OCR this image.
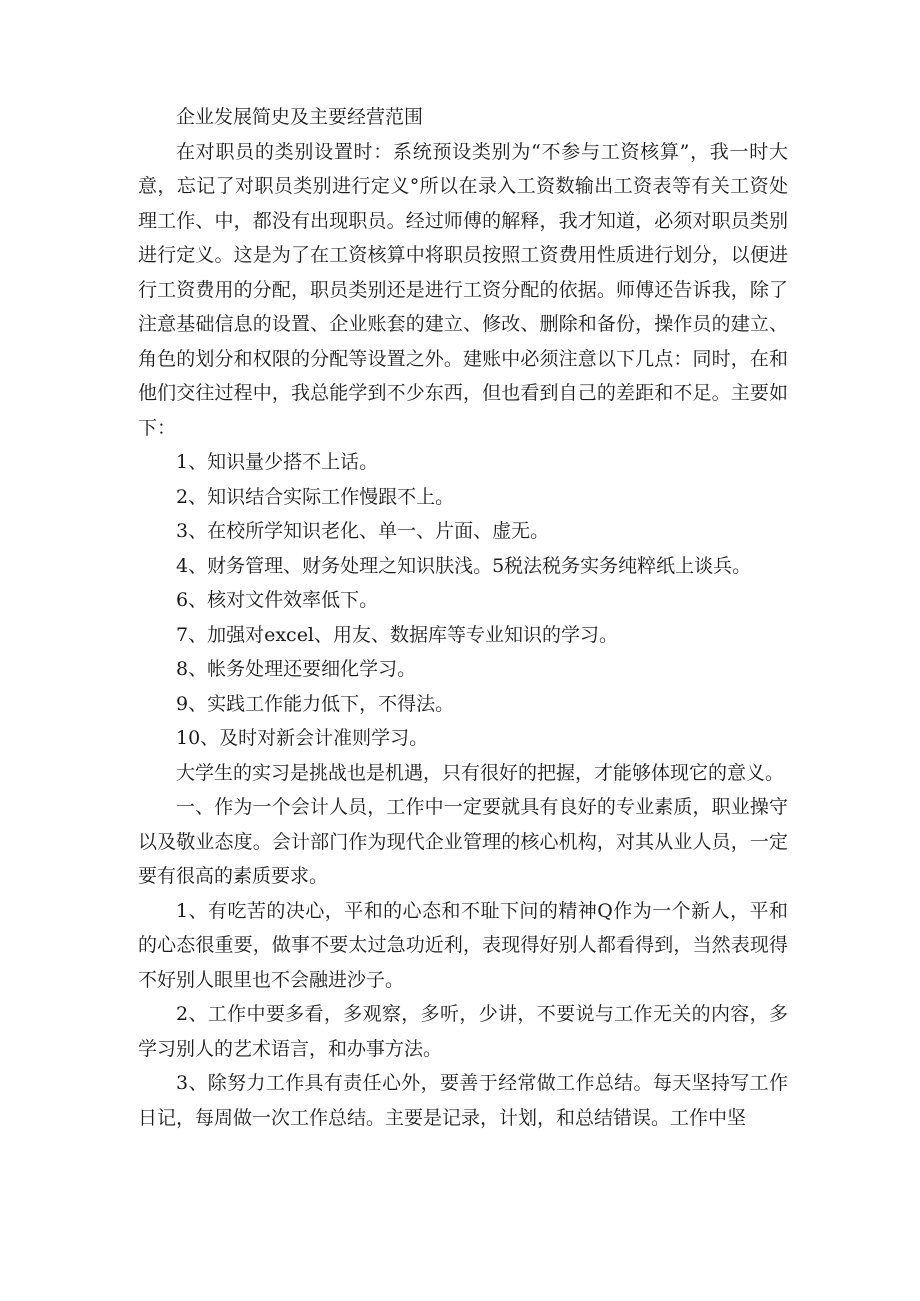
企业发展简史及主要经营范围

在对职员的类别设置时：系统预设类别为“不参与工资核算”，我一时大意，忘记了对职员类别进行定义°所以在录入工资数输出工资表等有关工资处理工作、中，都没有出现职员。经过师傅的解释，我才知道，必须对职员类别进行定义。这是为了在工资核算中将职员按照工资费用性质进行划分，以便进行工资费用的分配，职员类别还是进行工资分配的依据。师傅还告诉我，除了注意基础信息的设置、企业账套的建立、修改、删除和备份，操作员的建立、角色的划分和权限的分配等设置之外。建账中必须注意以下几点：同时，在和他们交往过程中，我总能学到不少东西，但也看到自己的差距和不足。主要如下：

1、知识量少搭不上话。

2、知识结合实际工作慢跟不上。

3、在校所学知识老化、单一、片面、虚无。

4、财务管理、财务处理之知识肤浅。5税法税务实务纯粹纸上谈兵。

6、核对文件效率低下。

7、加强对excel、用友、数据库等专业知识的学习。

8、帐务处理还要细化学习。

9、实践工作能力低下，不得法。

10、及时对新会计准则学习。

大学生的实习是挑战也是机遇，只有很好的把握，才能够体现它的意义。

一、作为一个会计人员，工作中一定要就具有良好的专业素质，职业操守以及敬业态度。会计部门作为现代企业管理的核心机构，对其从业人员，一定要有很高的素质要求。

1、有吃苦的决心，平和的心态和不耻下问的精神Q作为一个新人，平和的心态很重要，做事不要太过急功近利，表现得好别人都看得到，当然表现得不好别人眼里也不会融进沙子。

2、工作中要多看，多观察，多听，少讲，不要说与工作无关的内容，多学习别人的艺术语言，和办事方法。

3、除努力工作具有责任心外，要善于经常做工作总结。每天坚持写工作日记，每周做一次工作总结。主要是记录，计划，和总结错误。工作中坚
